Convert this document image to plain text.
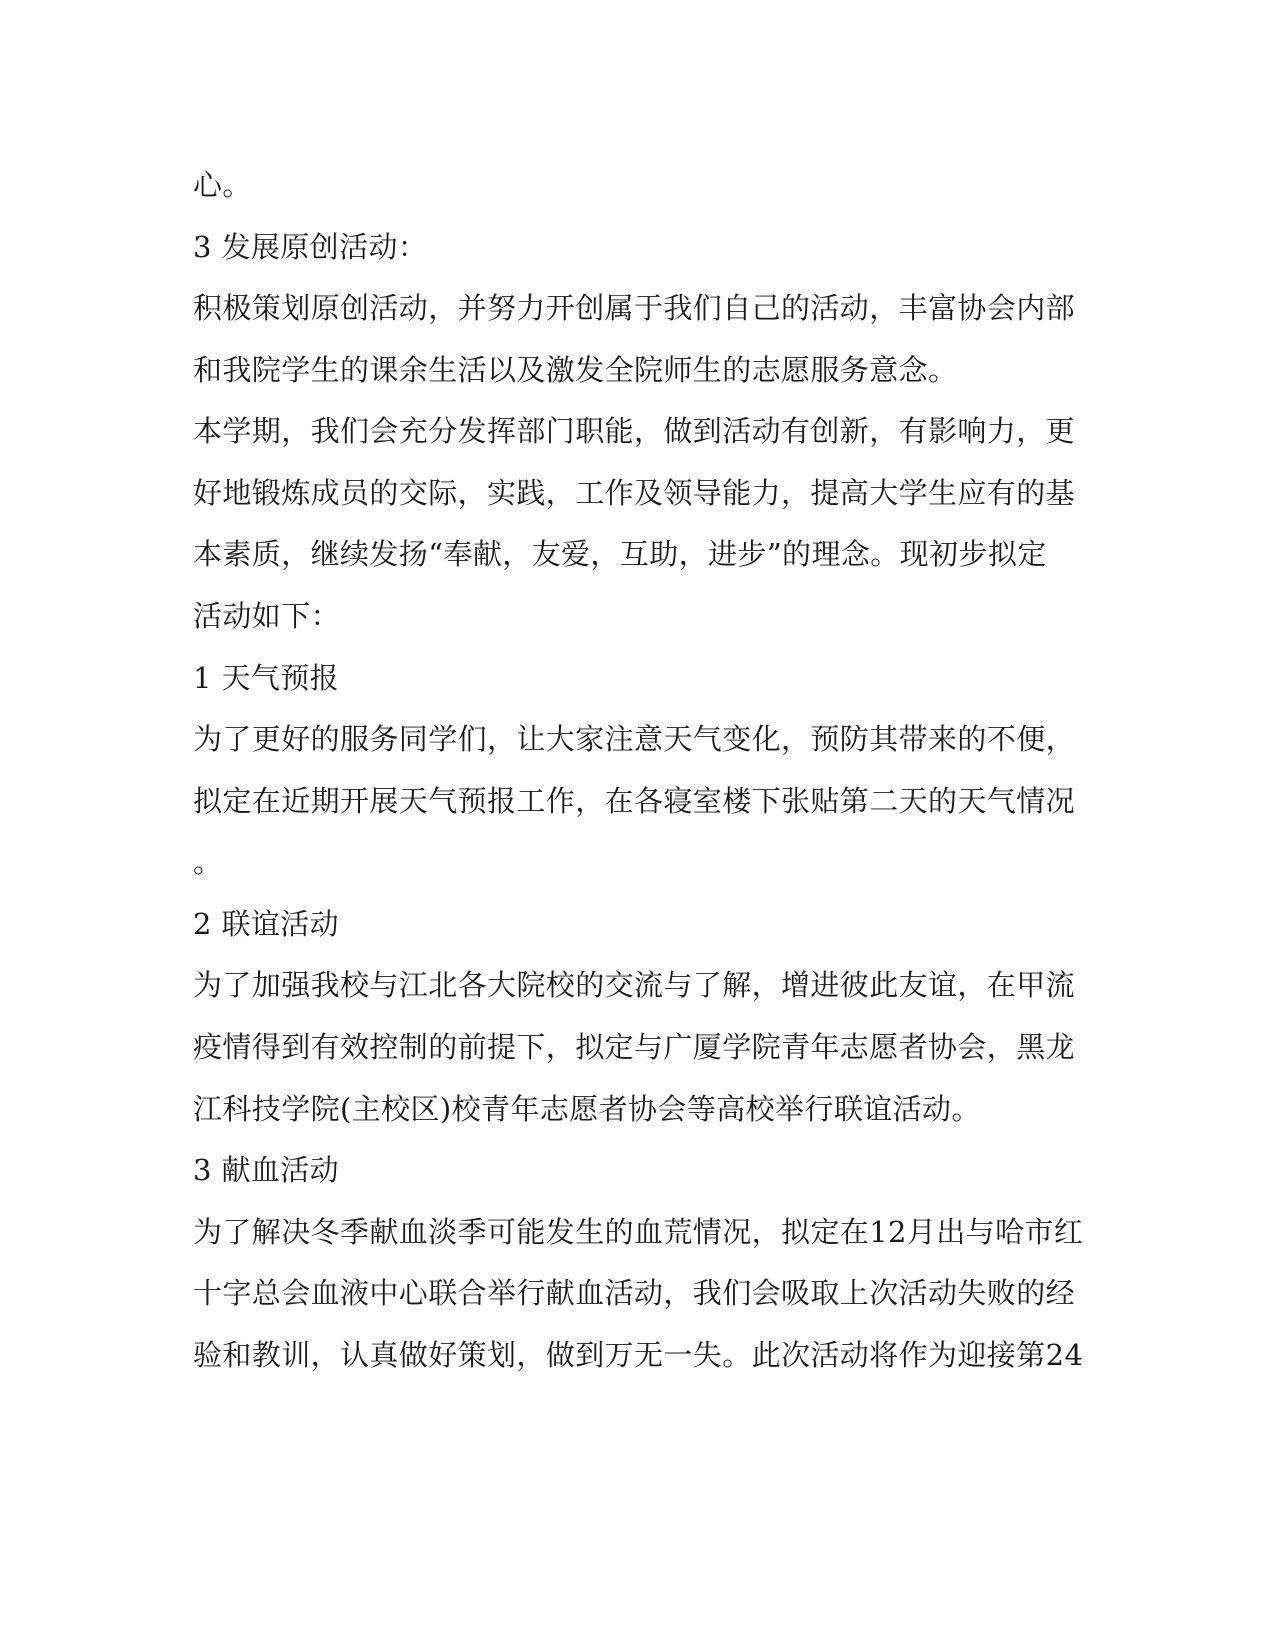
心。
3 发展原创活动：
积极策划原创活动，并努力开创属于我们自己的活动，丰富协会内部
和我院学生的课余生活以及激发全院师生的志愿服务意念。
本学期，我们会充分发挥部门职能，做到活动有创新，有影响力，更
好地锻炼成员的交际，实践，工作及领导能力，提高大学生应有的基
本素质，继续发扬“奉献，友爱，互助，进步”的理念。现初步拟定
活动如下：
1 天气预报
为了更好的服务同学们，让大家注意天气变化，预防其带来的不便，
拟定在近期开展天气预报工作，在各寝室楼下张贴第二天的天气情况
。
2 联谊活动
为了加强我校与江北各大院校的交流与了解，增进彼此友谊，在甲流
疫情得到有效控制的前提下，拟定与广厦学院青年志愿者协会，黑龙
江科技学院(主校区)校青年志愿者协会等高校举行联谊活动。
3 献血活动
为了解决冬季献血淡季可能发生的血荒情况，拟定在12月出与哈市红
十字总会血液中心联合举行献血活动，我们会吸取上次活动失败的经
验和教训，认真做好策划，做到万无一失。此次活动将作为迎接第24
